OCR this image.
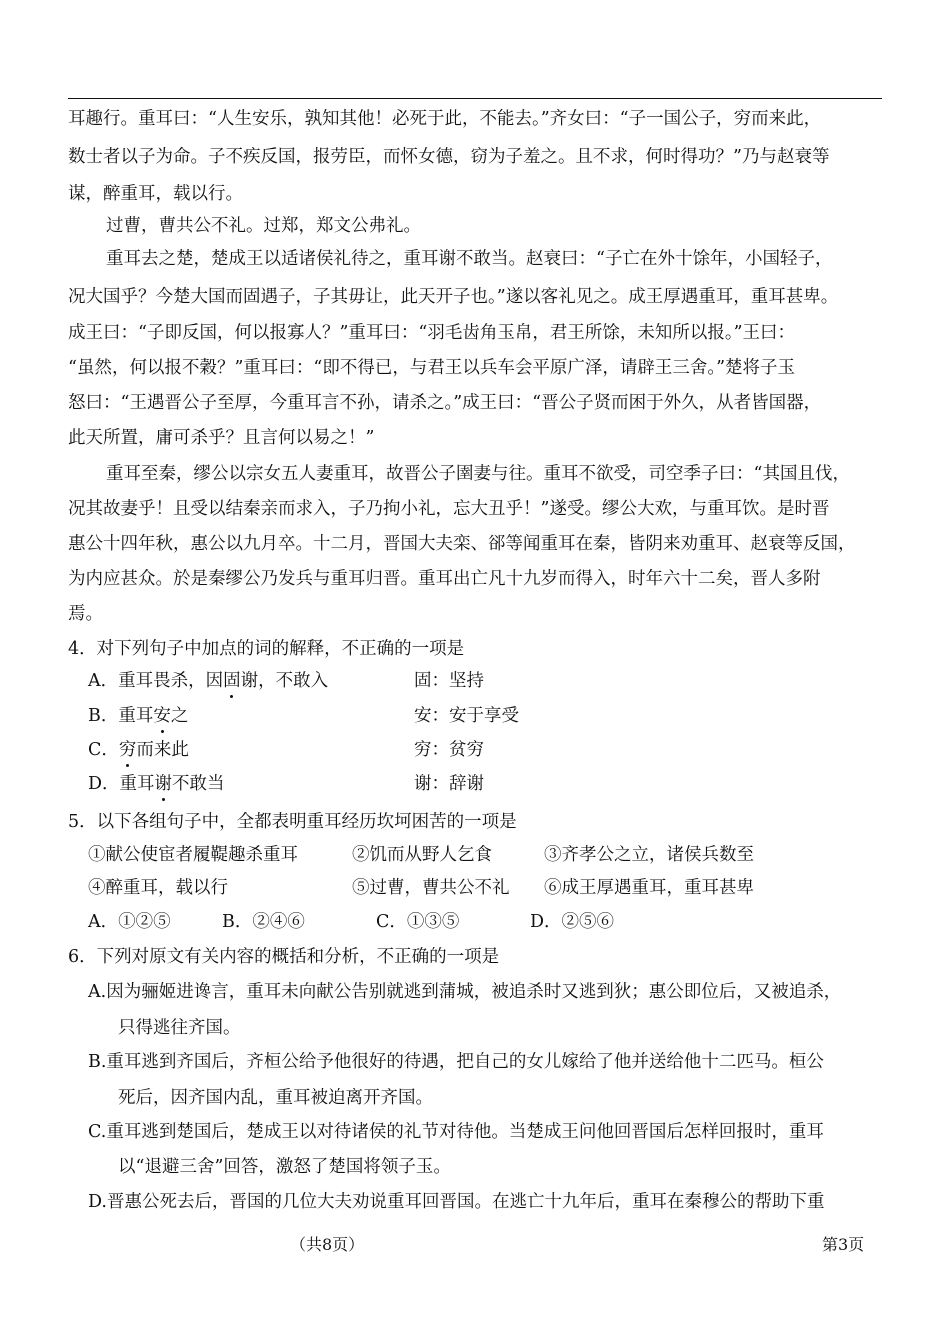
耳趣行。重耳曰：“人生安乐，孰知其他！必死于此，不能去。”齐女曰：“子一国公子，穷而来此，
数士者以子为命。子不疾反国，报劳臣，而怀女德，窃为子羞之。且不求，何时得功？”乃与赵衰等
谋，醉重耳，载以行。
过曹，曹共公不礼。过郑，郑文公弗礼。
重耳去之楚，楚成王以适诸侯礼待之，重耳谢不敢当。赵衰曰：“子亡在外十馀年，小国轻子，
况大国乎？今楚大国而固遇子，子其毋让，此天开子也。”遂以客礼见之。成王厚遇重耳，重耳甚卑。
成王曰：“子即反国，何以报寡人？”重耳曰：“羽毛齿角玉帛，君王所馀，未知所以报。”王曰：
“虽然，何以报不穀？”重耳曰：“即不得已，与君王以兵车会平原广泽，请辟王三舍。”楚将子玉
怒曰：“王遇晋公子至厚，今重耳言不孙，请杀之。”成王曰：“晋公子贤而困于外久，从者皆国器，
此天所置，庸可杀乎？且言何以易之！”
重耳至秦，缪公以宗女五人妻重耳，故晋公子圉妻与往。重耳不欲受，司空季子曰：“其国且伐，
况其故妻乎！且受以结秦亲而求入，子乃拘小礼，忘大丑乎！”遂受。缪公大欢，与重耳饮。是时晋
惠公十四年秋，惠公以九月卒。十二月，晋国大夫栾、郤等闻重耳在秦，皆阴来劝重耳、赵衰等反国，
为内应甚众。於是秦缪公乃发兵与重耳归晋。重耳出亡凡十九岁而得入，时年六十二矣，晋人多附
焉。
4．对下列句子中加点的词的解释，不正确的一项是
A．重耳畏杀，因固谢，不敢入	固：坚持
B．重耳安之	安：安于享受
C．穷而来此	穷：贫穷
D．重耳谢不敢当	谢：辞谢
5．以下各组句子中，全都表明重耳经历坎坷困苦的一项是
①献公使宦者履鞮趣杀重耳	②饥而从野人乞食	③齐孝公之立，诸侯兵数至
④醉重耳，载以行	⑤过曹，曹共公不礼 ⑥成王厚遇重耳，重耳甚卑
A．①②⑤	B．②④⑥	C．①③⑤	D．②⑤⑥
6．下列对原文有关内容的概括和分析，不正确的一项是
A.因为骊姬进谗言，重耳未向献公告别就逃到蒲城，被追杀时又逃到狄；惠公即位后，又被追杀，
只得逃往齐国。
B.重耳逃到齐国后，齐桓公给予他很好的待遇，把自己的女儿嫁给了他并送给他十二匹马。桓公
死后，因齐国内乱，重耳被迫离开齐国。
C.重耳逃到楚国后，楚成王以对待诸侯的礼节对待他。当楚成王问他回晋国后怎样回报时，重耳
以“退避三舍”回答，激怒了楚国将领子玉。
D.晋惠公死去后，晋国的几位大夫劝说重耳回晋国。在逃亡十九年后，重耳在秦穆公的帮助下重
（共8页）	第3页
